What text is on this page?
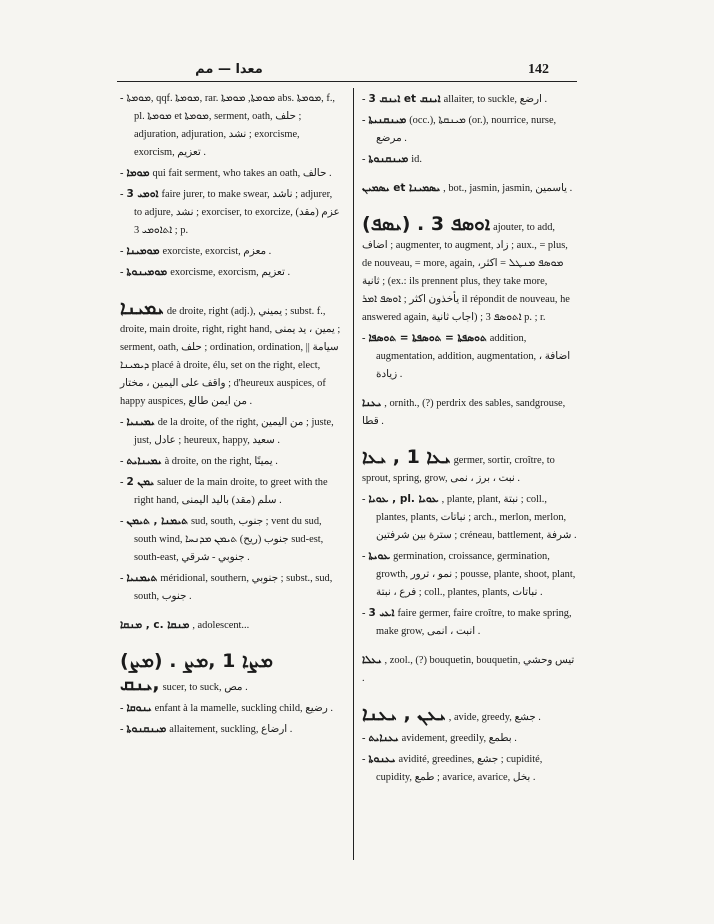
معدا — مم	142
- ܡܘܡܬܐ, qqf. ܡܘܡܬܐ, rar. ܡܘܡܬܐ, ܡܘܡܬܐ abs. ܡܘܡܬܐ, f., pl. ܡܘܡܬܐ et ܡܘܡܬܐ, serment, oath, حلف ; adjuration, adjuration, نشد ; exorcisme, exorcism, تعزيم .
- ܡܘܡܐ qui fait serment, who takes an oath, حالف .
- ܐܘܡܝ 3 faire jurer, to make swear, ناشد ; adjurer, to adjure, نشد ; exorciser, to exorcize, (مقد) عزم ; ܐܬܐܘܡܝ 3 p.
- ܡܘܡܝܢܐ exorciste, exorcist, معزم .
- ܡܘܡܝܢܘܬܐ exorcisme, exorcism, تعزيم .
ܝܡܝܢܐ de droite, right (adj.), يميني ; subst. f., droite, main droite, right, right hand, يمين ، يد يمنى ; serment, oath, حلف ; ordination, ordination, سيامة || ܕܝܡܝܢܐ placé à droite, élu, set on the right, elect, واقف على اليمين ، مختار ; d'heureux auspices, of happy auspices, من ايمن طالع .
- ܝܡܝܢܝܐ de la droite, of the right, من اليمين ; juste, just, عادل ; heureux, happy, سعيد .
- ܝܡܝܢܐܝܬ à droite, on the right, يمينًا .
- ܝܡܢ 2 saluer de la main droite, to greet with the right hand, سلم (مقد) باليد اليمنى .
- ܬܝܡܢܐ , ܬܝܡܢ sud, south, جنوب ; vent du sud, south wind, جنوب (ريح) ܬܝܡܢ ܡܕܢܚܐ sud-est, south-east, جنوبي - شرقي .
- ܬܝܡܢܝܐ méridional, southern, جنوبي ; subst., sud, south, جنوب .
ܡܢܩܐ , c. ܡܢܩܐ , adolescent...
(ܡܨ) . ܡܨܐ 1 ,ܡܨ ,ܝܢܩ sucer, to suck, مص .
- ܝܢܘܩܐ enfant à la mamelle, suckling child, رضيع .
- ܡܝܢܩܢܘܬܐ allaitement, suckling, ارضاع .
- ܐܝܢܩ 3 et ܐܝܢܩ allaiter, to suckle, ارضع .
- ܡܝܢܩܢܝܬܐ (occ.), ܡܝܢܩܬܐ (or.), nourrice, nurse, مرضع .
- ܡܝܢܩܢܘܬܐ id.
ܝܣܡܝܢ et ܝܣܡܝܢܐ , bot., jasmin, jasmin, ياسمين .
(ܝܣܦ) . ܐܘܣܦ 3 ajouter, to add, اضاف ; augmenter, to augment, زاد ; aux., = plus, de nouveau, = more, again, ܡܘܣܦ ܡܢܛܠ = اكثر، ثانية ; (ex.: ils prennent plus, they take more, يأخذون اكثر ; ܐܘܣܦ ܐܡܪ il répondit de nouveau, he answered again, اجاب ثانية) ; ܐܬܘܣܦ 3 p. ; r.
- ܬܘܣܦܬܐ = ܬܘܣܦܬܐ = ܬܘܣܦܐ addition, augmentation, addition, augmentation, اضافة ، زيادة .
ܝܥܢܐ , ornith., (?) perdrix des sables, sandgrouse, قطا .
ܝܥܐ 1 , ܝܥܐ germer, sortir, croître, to sprout, spring, grow, نبت ، برز ، نمى .
- ܥܘܝܐ , pl. ܥܘܝܐ , plante, plant, نبتة ; coll., plantes, plants, نباتات ; arch., merlon, merlon, سترة بين شرفتين ; créneau, battlement, شرفة .
- ܥܘܝܬܐ germination, croissance, germination, growth, نمو ، ترور ; pousse, plante, shoot, plant, فرع ، نبتة ; coll., plantes, plants, نباتات .
- ܐܥܝ 3 faire germer, faire croître, to make spring, make grow, انبت ، انمى .
ܝܥܠܐ , zool., (?) bouquetin, bouquetin, تيس وحشي .
ܝܥܢ , ܝܥܢܐ , avide, greedy, جشع .
- ܝܥܢܐܝܬ avidement, greedily, بطمع .
- ܝܥܢܘܬܐ avidité, greedines, جشع ; cupidité, cupidity, طمع ; avarice, avarice, بخل .
